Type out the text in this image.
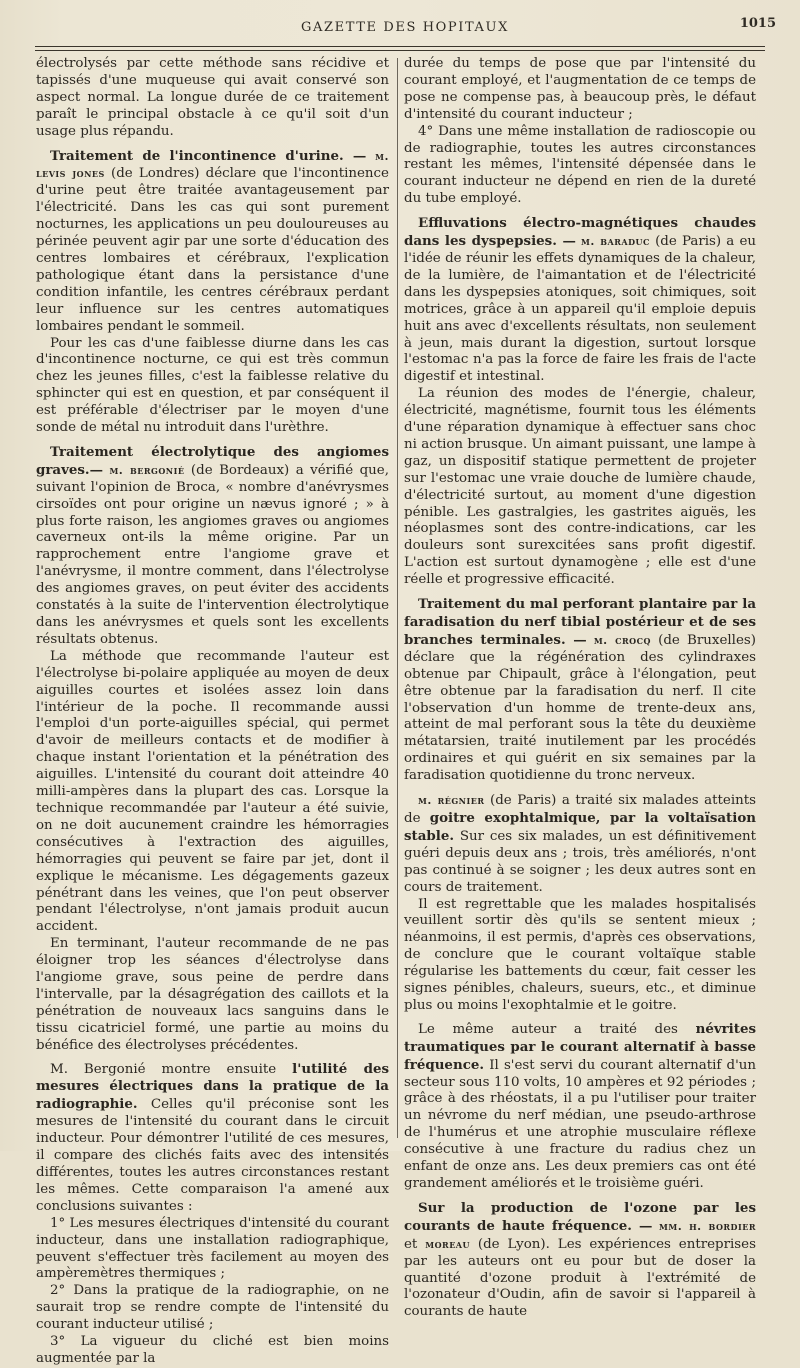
GAZETTE DES HOPITAUX	1015

électrolysés par cette méthode sans récidive et tapissés d'une muqueuse qui avait conservé son aspect normal. La longue durée de ce traitement paraît le principal obstacle à ce qu'il soit d'un usage plus répandu.

Traitement de l'incontinence d'urine. — m. levis jones (de Londres) déclare que l'incontinence d'urine peut être traitée avantageusement par l'électricité. Dans les cas qui sont purement nocturnes, les applications un peu douloureuses au périnée peuvent agir par une sorte d'éducation des centres lombaires et cérébraux, l'explication pathologique étant dans la persistance d'une condition infantile, les centres cérébraux perdant leur influence sur les centres automatiques lombaires pendant le sommeil.

Pour les cas d'une faiblesse diurne dans les cas d'incontinence nocturne, ce qui est très commun chez les jeunes filles, c'est la faiblesse relative du sphincter qui est en question, et par conséquent il est préférable d'électriser par le moyen d'une sonde de métal nu introduit dans l'urèthre.

Traitement électrolytique des angiomes graves.— m. bergonié (de Bordeaux) a vérifié que, suivant l'opinion de Broca, « nombre d'anévrysmes cirsoïdes ont pour origine un nævus ignoré ; » à plus forte raison, les angiomes graves ou angiomes caverneux ont-ils la même origine. Par un rapprochement entre l'angiome grave et l'anévrysme, il montre comment, dans l'électrolyse des angiomes graves, on peut éviter des accidents constatés à la suite de l'intervention électrolytique dans les anévrysmes et quels sont les excellents résultats obtenus.

La méthode que recommande l'auteur est l'électrolyse bi-polaire appliquée au moyen de deux aiguilles courtes et isolées assez loin dans l'intérieur de la poche. Il recommande aussi l'emploi d'un porte-aiguilles spécial, qui permet d'avoir de meilleurs contacts et de modifier à chaque instant l'orientation et la pénétration des aiguilles. L'intensité du courant doit atteindre 40 milli-ampères dans la plupart des cas. Lorsque la technique recommandée par l'auteur a été suivie, on ne doit aucunement craindre les hémorragies consécutives à l'extraction des aiguilles, hémorragies qui peuvent se faire par jet, dont il explique le mécanisme. Les dégagements gazeux pénétrant dans les veines, que l'on peut observer pendant l'électrolyse, n'ont jamais produit aucun accident.

En terminant, l'auteur recommande de ne pas éloigner trop les séances d'électrolyse dans l'angiome grave, sous peine de perdre dans l'intervalle, par la désagrégation des caillots et la pénétration de nouveaux lacs sanguins dans le tissu cicatriciel formé, une partie au moins du bénéfice des électrolyses précédentes.

M. Bergonié montre ensuite l'utilité des mesures électriques dans la pratique de la radiographie. Celles qu'il préconise sont les mesures de l'intensité du courant dans le circuit inducteur. Pour démontrer l'utilité de ces mesures, il compare des clichés faits avec des intensités différentes, toutes les autres circonstances restant les mêmes. Cette comparaison l'a amené aux conclusions suivantes :

1° Les mesures électriques d'intensité du courant inducteur, dans une installation radiographique, peuvent s'effectuer très facilement au moyen des ampèremètres thermiques ;

2° Dans la pratique de la radiographie, on ne saurait trop se rendre compte de l'intensité du courant inducteur utilisé ;

3° La vigueur du cliché est bien moins augmentée par la

durée du temps de pose que par l'intensité du courant employé, et l'augmentation de ce temps de pose ne compense pas, à beaucoup près, le défaut d'intensité du courant inducteur ;

4° Dans une même installation de radioscopie ou de radiographie, toutes les autres circonstances restant les mêmes, l'intensité dépensée dans le courant inducteur ne dépend en rien de la dureté du tube employé.

Effluvations électro-magnétiques chaudes dans les dyspepsies. — m. baraduc (de Paris) a eu l'idée de réunir les effets dynamiques de la chaleur, de la lumière, de l'aimantation et de l'électricité dans les dyspepsies atoniques, soit chimiques, soit motrices, grâce à un appareil qu'il emploie depuis huit ans avec d'excellents résultats, non seulement à jeun, mais durant la digestion, surtout lorsque l'estomac n'a pas la force de faire les frais de l'acte digestif et intestinal.

La réunion des modes de l'énergie, chaleur, électricité, magnétisme, fournit tous les éléments d'une réparation dynamique à effectuer sans choc ni action brusque. Un aimant puissant, une lampe à gaz, un dispositif statique permettent de projeter sur l'estomac une vraie douche de lumière chaude, d'électricité surtout, au moment d'une digestion pénible. Les gastralgies, les gastrites aiguës, les néoplasmes sont des contre-indications, car les douleurs sont surexcitées sans profit digestif. L'action est surtout dynamogène ; elle est d'une réelle et progressive efficacité.

Traitement du mal perforant plantaire par la faradisation du nerf tibial postérieur et de ses branches terminales. — m. crocq (de Bruxelles) déclare que la régénération des cylindraxes obtenue par Chipault, grâce à l'élongation, peut être obtenue par la faradisation du nerf. Il cite l'observation d'un homme de trente-deux ans, atteint de mal perforant sous la tête du deuxième métatarsien, traité inutilement par les procédés ordinaires et qui guérit en six semaines par la faradisation quotidienne du tronc nerveux.

m. régnier (de Paris) a traité six malades atteints de goitre exophtalmique, par la voltaïsation stable. Sur ces six malades, un est définitivement guéri depuis deux ans ; trois, très améliorés, n'ont pas continué à se soigner ; les deux autres sont en cours de traitement.

Il est regrettable que les malades hospitalisés veuillent sortir dès qu'ils se sentent mieux ; néanmoins, il est permis, d'après ces observations, de conclure que le courant voltaïque stable régularise les battements du cœur, fait cesser les signes pénibles, chaleurs, sueurs, etc., et diminue plus ou moins l'exophtalmie et le goitre.

Le même auteur a traité des névrites traumatiques par le courant alternatif à basse fréquence. Il s'est servi du courant alternatif d'un secteur sous 110 volts, 10 ampères et 92 périodes ; grâce à des rhéostats, il a pu l'utiliser pour traiter un névrome du nerf médian, une pseudo-arthrose de l'humérus et une atrophie musculaire réflexe consécutive à une fracture du radius chez un enfant de onze ans. Les deux premiers cas ont été grandement améliorés et le troisième guéri.

Sur la production de l'ozone par les courants de haute fréquence. — mm. h. bordier et moreau (de Lyon). Les expériences entreprises par les auteurs ont eu pour but de doser la quantité d'ozone produit à l'extrémité de l'ozonateur d'Oudin, afin de savoir si l'appareil à courants de haute
